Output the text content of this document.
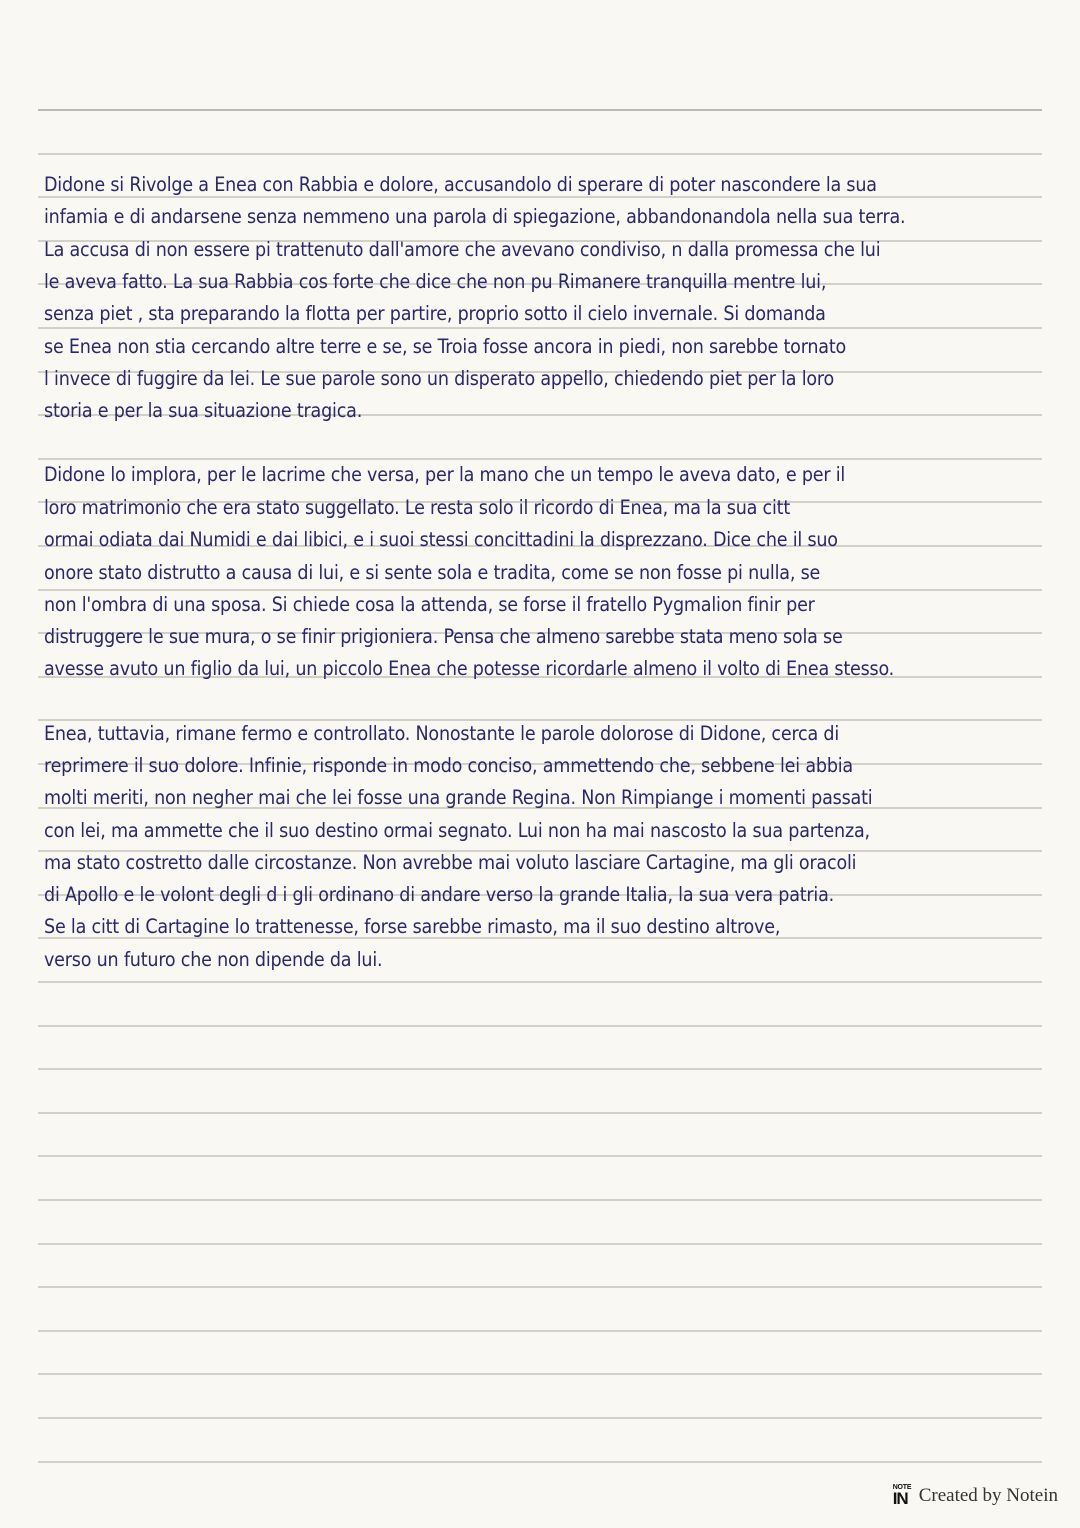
Didone si Rivolge a Enea con Rabbia e dolore, accusandolo di sperare di poter nascondere la sua
infamia e di andarsene senza nemmeno una parola di spiegazione, abbandonandola nella sua terra.
La accusa di non essere pi trattenuto dall'amore che avevano condiviso, n dalla promessa che lui
le aveva fatto. La sua Rabbia cos forte che dice che non pu Rimanere tranquilla mentre lui,
senza piet , sta preparando la flotta per partire, proprio sotto il cielo invernale. Si domanda
se Enea non stia cercando altre terre e se, se Troia fosse ancora in piedi, non sarebbe tornato
l invece di fuggire da lei. Le sue parole sono un disperato appello, chiedendo piet per la loro
storia e per la sua situazione tragica.
Didone lo implora, per le lacrime che versa, per la mano che un tempo le aveva dato, e per il
loro matrimonio che era stato suggellato. Le resta solo il ricordo di Enea, ma la sua citt
ormai odiata dai Numidi e dai libici, e i suoi stessi concittadini la disprezzano. Dice che il suo
onore stato distrutto a causa di lui, e si sente sola e tradita, come se non fosse pi nulla, se
non l'ombra di una sposa. Si chiede cosa la attenda, se forse il fratello Pygmalion finir per
distruggere le sue mura, o se finir prigioniera. Pensa che almeno sarebbe stata meno sola se
avesse avuto un figlio da lui, un piccolo Enea che potesse ricordarle almeno il volto di Enea stesso.
Enea, tuttavia, rimane fermo e controllato. Nonostante le parole dolorose di Didone, cerca di
reprimere il suo dolore. Infinie, risponde in modo conciso, ammettendo che, sebbene lei abbia
molti meriti, non negher mai che lei fosse una grande Regina. Non Rimpiange i momenti passati
con lei, ma ammette che il suo destino ormai segnato. Lui non ha mai nascosto la sua partenza,
ma stato costretto dalle circostanze. Non avrebbe mai voluto lasciare Cartagine, ma gli oracoli
di Apollo e le volont degli d i gli ordinano di andare verso la grande Italia, la sua vera patria.
Se la citt di Cartagine lo trattenesse, forse sarebbe rimasto, ma il suo destino altrove,
verso un futuro che non dipende da lui.
NOTE
IN Created by Notein
